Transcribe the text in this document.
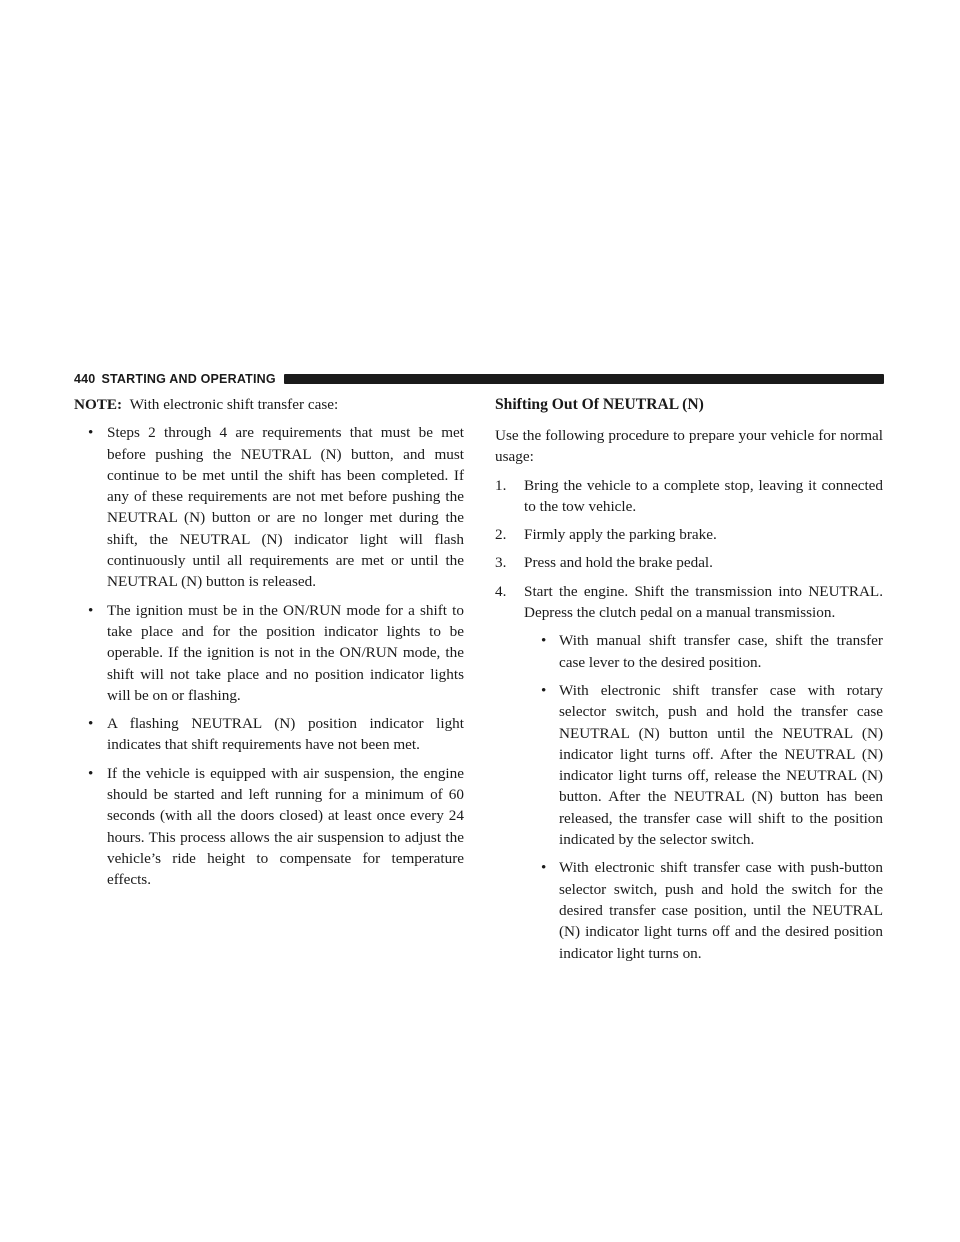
440 STARTING AND OPERATING

NOTE: With electronic shift transfer case:

• Steps 2 through 4 are requirements that must be met before pushing the NEUTRAL (N) button, and must continue to be met until the shift has been completed. If any of these requirements are not met before pushing the NEUTRAL (N) button or are no longer met during the shift, the NEUTRAL (N) indicator light will flash continuously until all requirements are met or until the NEUTRAL (N) button is released.

• The ignition must be in the ON/RUN mode for a shift to take place and for the position indicator lights to be operable. If the ignition is not in the ON/RUN mode, the shift will not take place and no position indicator lights will be on or flashing.

• A flashing NEUTRAL (N) position indicator light indicates that shift requirements have not been met.

• If the vehicle is equipped with air suspension, the engine should be started and left running for a minimum of 60 seconds (with all the doors closed) at least once every 24 hours. This process allows the air suspension to adjust the vehicle’s ride height to compensate for temperature effects.

Shifting Out Of NEUTRAL (N)

Use the following procedure to prepare your vehicle for normal usage:

1. Bring the vehicle to a complete stop, leaving it connected to the tow vehicle.
2. Firmly apply the parking brake.
3. Press and hold the brake pedal.
4. Start the engine. Shift the transmission into NEUTRAL. Depress the clutch pedal on a manual transmission.

• With manual shift transfer case, shift the transfer case lever to the desired position.

• With electronic shift transfer case with rotary selector switch, push and hold the transfer case NEUTRAL (N) button until the NEUTRAL (N) indicator light turns off. After the NEUTRAL (N) indicator light turns off, release the NEUTRAL (N) button. After the NEUTRAL (N) button has been released, the transfer case will shift to the position indicated by the selector switch.

• With electronic shift transfer case with push-button selector switch, push and hold the switch for the desired transfer case position, until the NEUTRAL (N) indicator light turns off and the desired position indicator light turns on.
